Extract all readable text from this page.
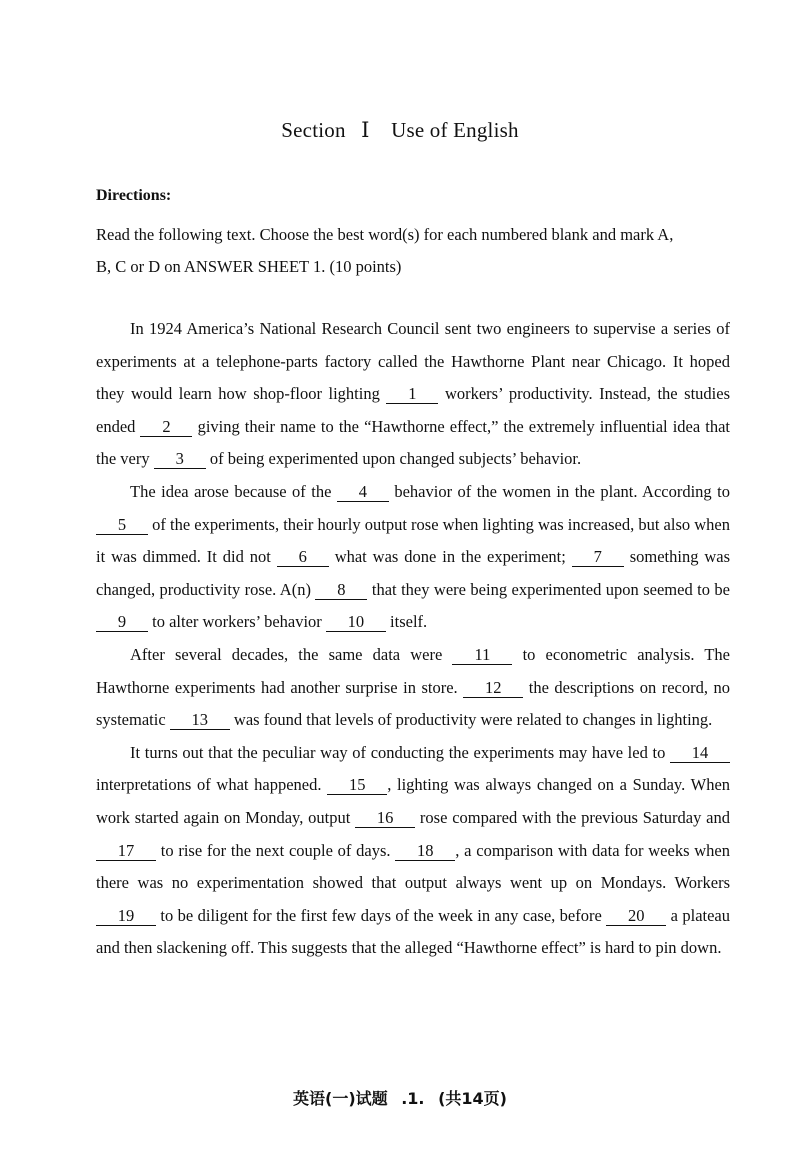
Section Ⅰ Use of English
Directions:
Read the following text. Choose the best word(s) for each numbered blank and mark A,
B, C or D on ANSWER SHEET 1. (10 points)

In 1924 America’s National Research Council sent two engineers to supervise a series of experiments at a telephone-parts factory called the Hawthorne Plant near Chicago. It hoped they would learn how shop-floor lighting 1 workers’ productivity. Instead, the studies ended 2 giving their name to the “Hawthorne effect,” the extremely influential idea that the very 3 of being experimented upon changed subjects’ behavior.

The idea arose because of the 4 behavior of the women in the plant. According to 5 of the experiments, their hourly output rose when lighting was increased, but also when it was dimmed. It did not 6 what was done in the experiment; 7 something was changed, productivity rose. A(n) 8 that they were being experimented upon seemed to be 9 to alter workers’ behavior 10 itself.

After several decades, the same data were 11 to econometric analysis. The Hawthorne experiments had another surprise in store. 12 the descriptions on record, no systematic 13 was found that levels of productivity were related to changes in lighting.

It turns out that the peculiar way of conducting the experiments may have led to 14 interpretations of what happened. 15 , lighting was always changed on a Sunday. When work started again on Monday, output 16 rose compared with the previous Saturday and 17 to rise for the next couple of days. 18 , a comparison with data for weeks when there was no experimentation showed that output always went up on Mondays. Workers 19 to be diligent for the first few days of the week in any case, before 20 a plateau and then slackening off. This suggests that the alleged “Hawthorne effect” is hard to pin down.

英语(一)试题 .1. (共14页)
